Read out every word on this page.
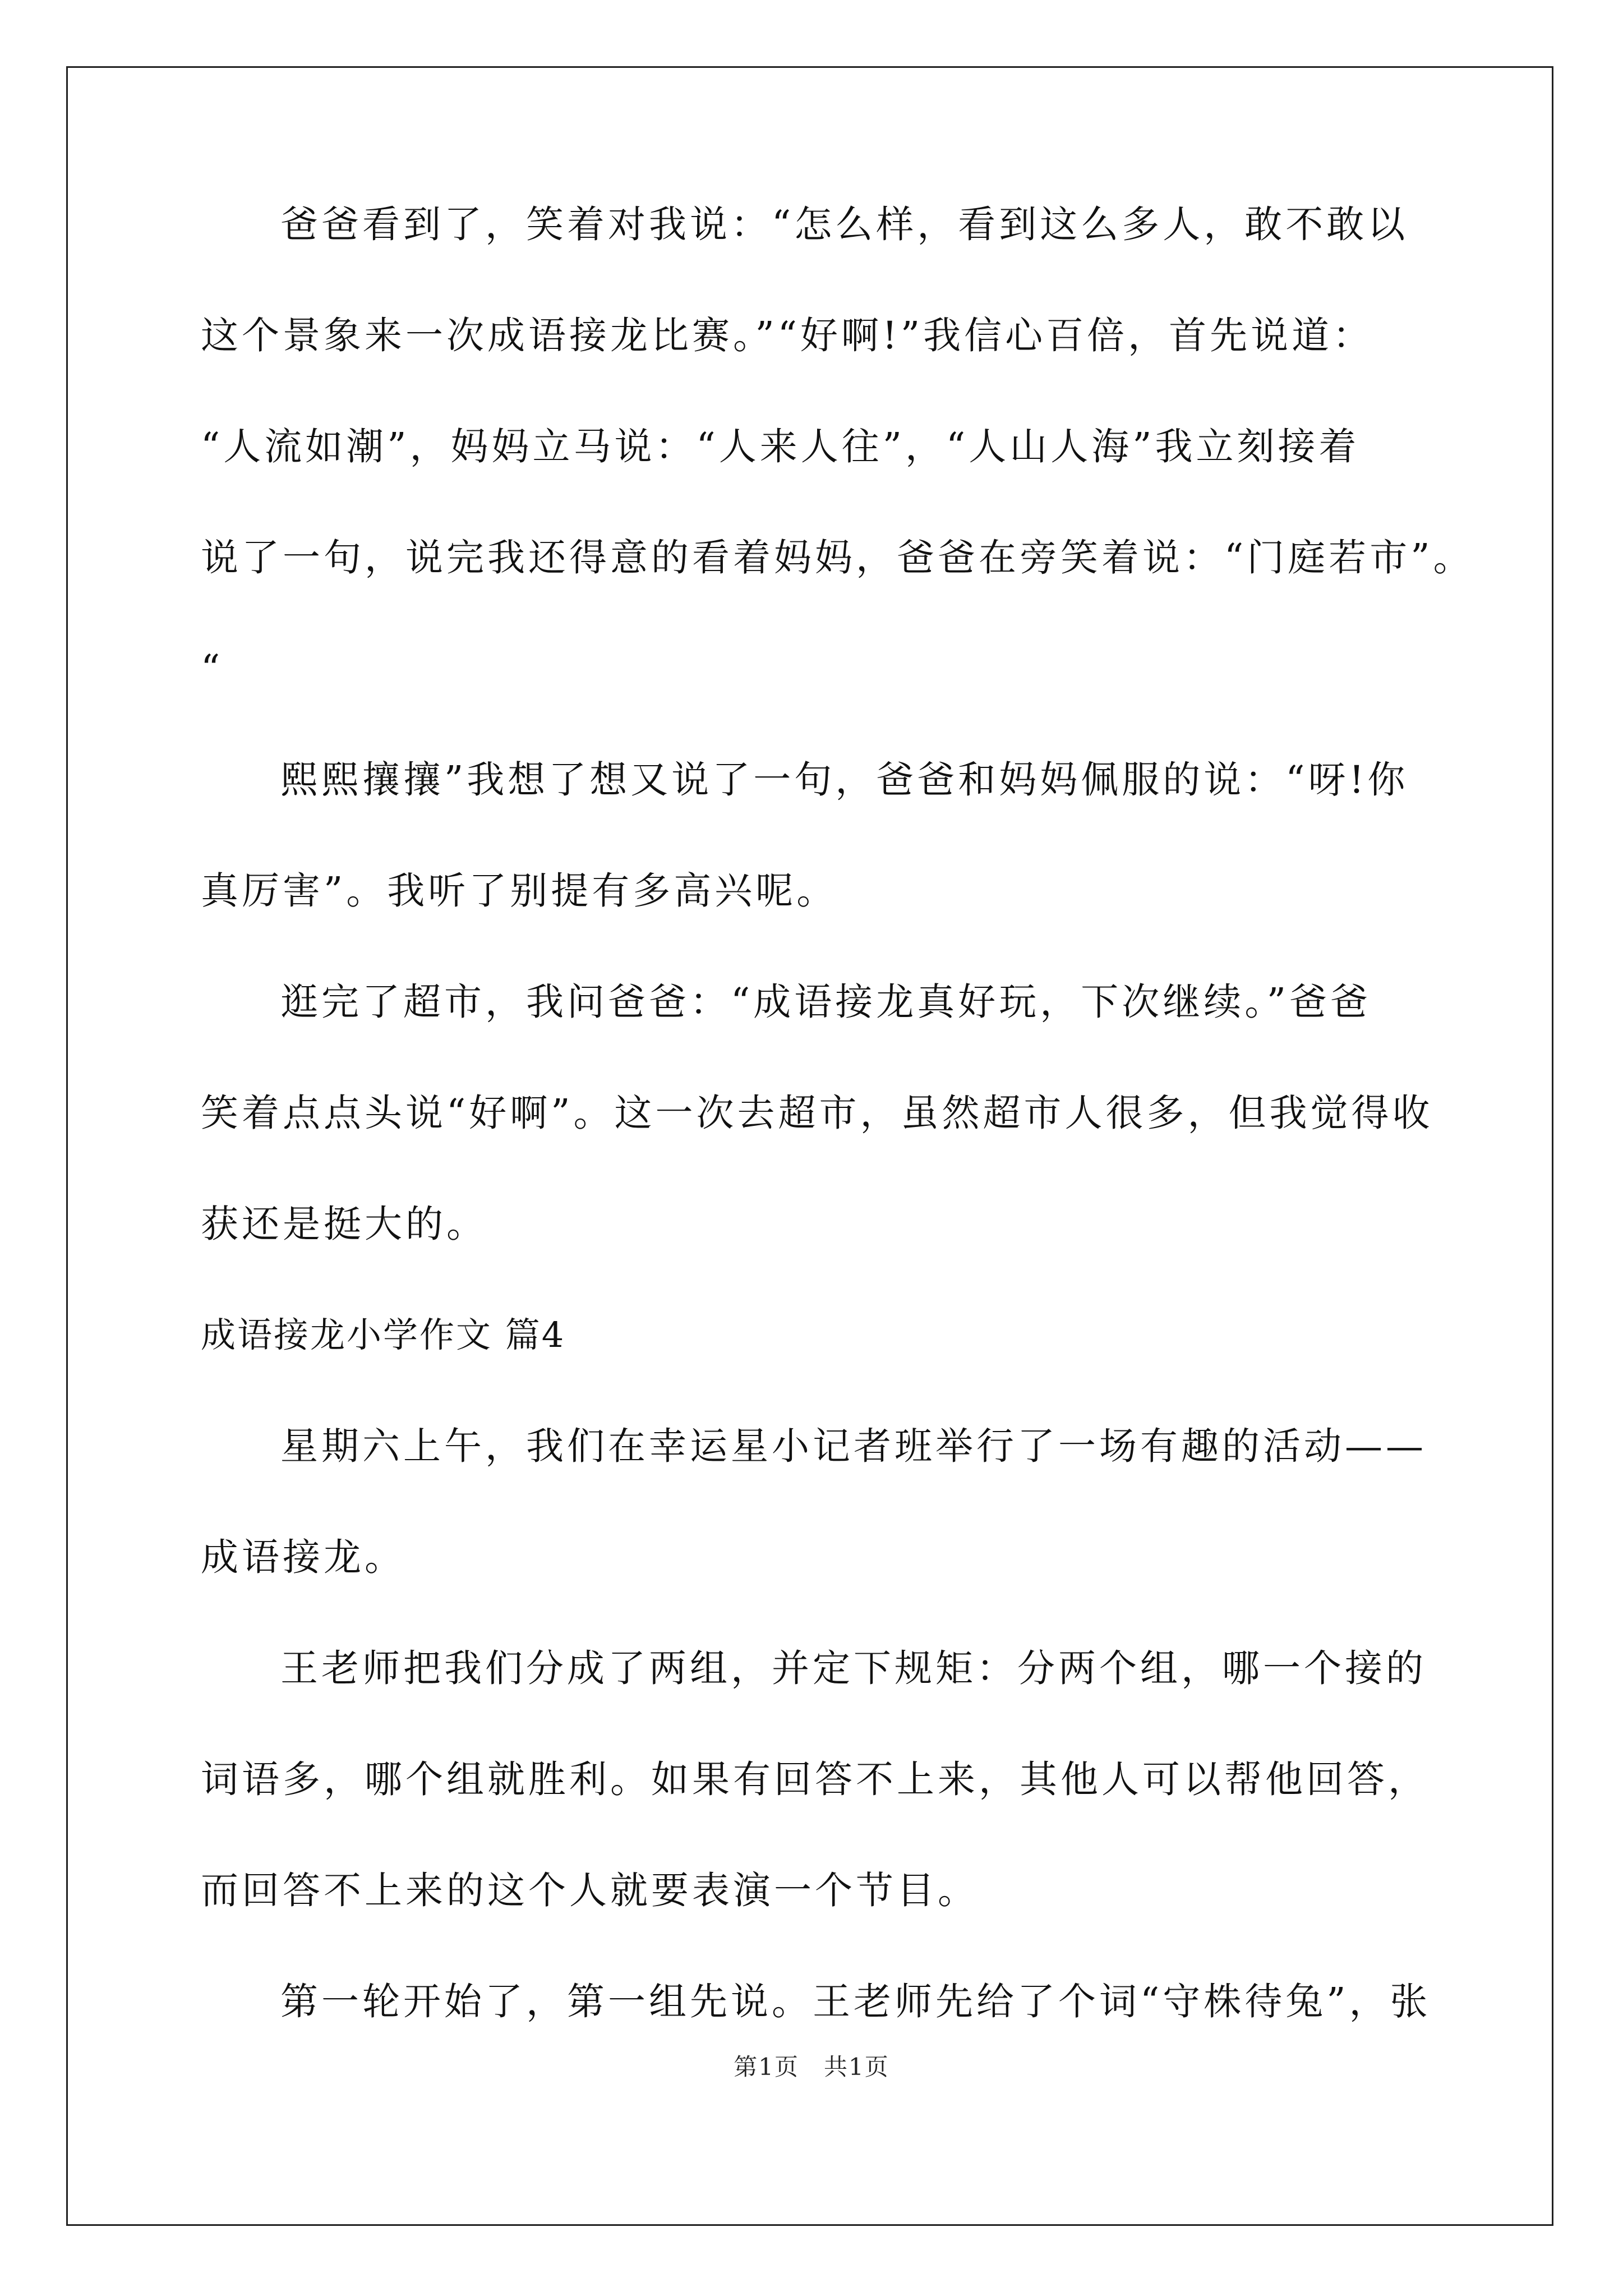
爸爸看到了，笑着对我说：“怎么样，看到这么多人，敢不敢以
这个景象来一次成语接龙比赛。”“好啊!”我信心百倍，首先说道：
“人流如潮”，妈妈立马说：“人来人往”，“人山人海”我立刻接着
说了一句，说完我还得意的看着妈妈，爸爸在旁笑着说：“门庭若市”。
“
熙熙攘攘”我想了想又说了一句，爸爸和妈妈佩服的说：“呀!你
真厉害”。我听了别提有多高兴呢。
逛完了超市，我问爸爸：“成语接龙真好玩，下次继续。”爸爸
笑着点点头说“好啊”。这一次去超市，虽然超市人很多，但我觉得收
获还是挺大的。
成语接龙小学作文 篇4
星期六上午，我们在幸运星小记者班举行了一场有趣的活动——
成语接龙。
王老师把我们分成了两组，并定下规矩：分两个组，哪一个接的
词语多，哪个组就胜利。如果有回答不上来，其他人可以帮他回答，
而回答不上来的这个人就要表演一个节目。
第一轮开始了，第一组先说。王老师先给了个词“守株待兔”，张
第1页　共1页
